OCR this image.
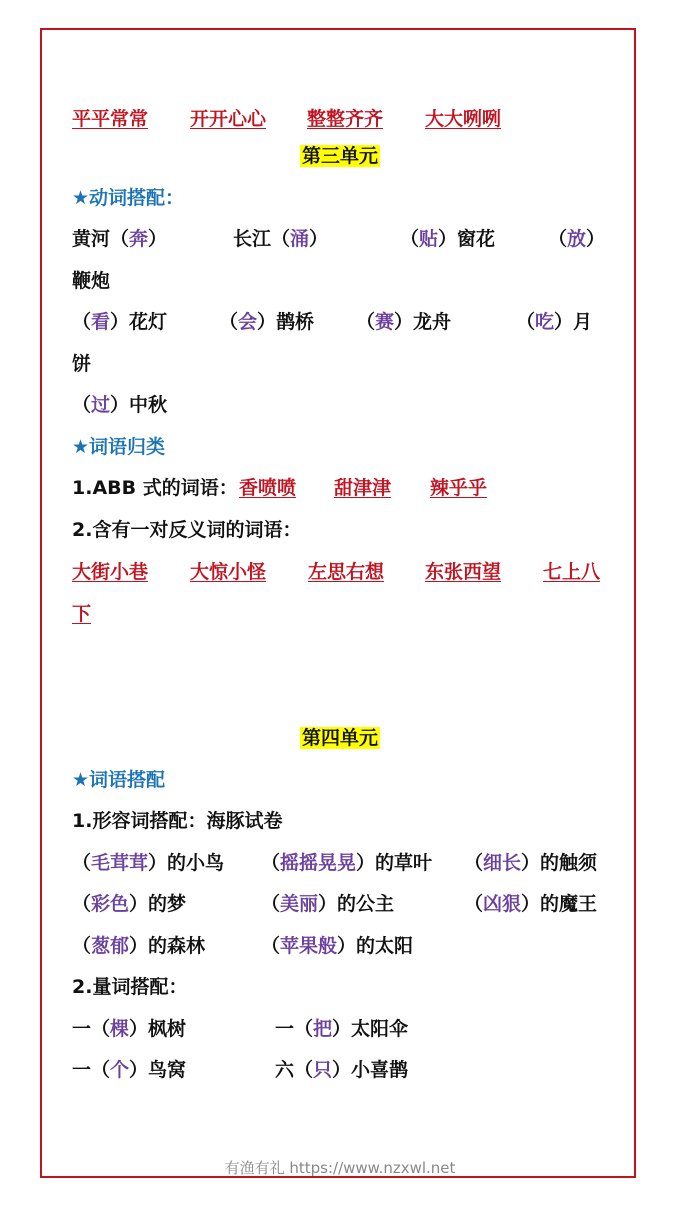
平平常常 开开心心 整整齐齐 大大咧咧
第三单元
★动词搭配：
黄河（奔）	长江（涌）	（贴）窗花	（放）
鞭炮
（看）花灯	（会）鹊桥 （赛）龙舟	（吃）月
饼
（过）中秋
★词语归类
1.ABB 式的词语： 香喷喷 甜津津 辣乎乎
2.含有一对反义词的词语：
大街小巷 大惊小怪 左思右想 东张西望 七上八
下
第四单元
★词语搭配
1.形容词搭配：海豚试卷
（毛茸茸）的小鸟 （摇摇晃晃）的草叶 （细长）的触须
（彩色）的梦	（美丽）的公主	（凶狠）的魔王
（葱郁）的森林	（苹果般）的太阳
2.量词搭配：
一（棵）枫树	一（把）太阳伞
一（个）鸟窝	六（只）小喜鹊
有渔有礼 https://www.nzxwl.net
